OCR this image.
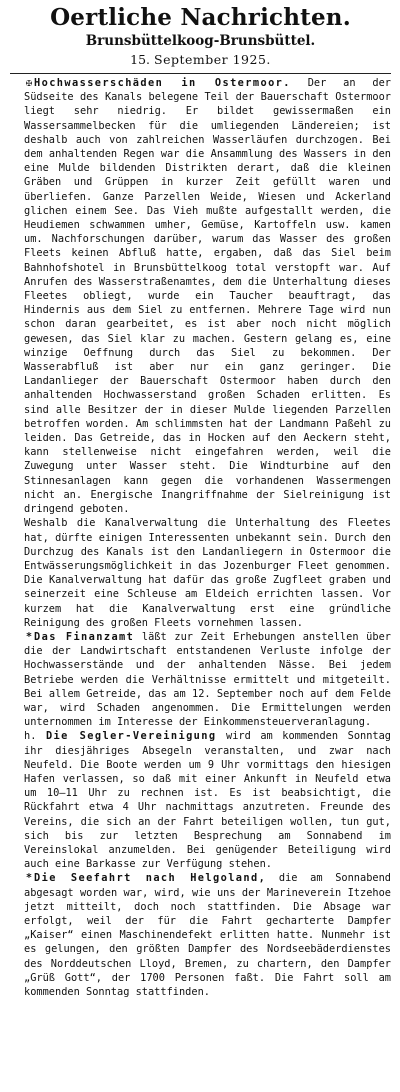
Oertliche Nachrichten.
Brunsbüttelkoog-Brunsbüttel.
15. September 1925.

✠ Hochwasserschäden in Ostermoor. Der an der Südseite des Kanals belegene Teil der Bauerschaft Ostermoor liegt sehr niedrig. Er bildet gewissermaßen ein Wassersammelbecken für die umliegenden Ländereien; ist deshalb auch von zahlreichen Wasserläufen durchzogen. Bei dem anhaltenden Regen war die Ansammlung des Wassers in den eine Mulde bildenden Distrikten derart, daß die kleinen Gräben und Grüppen in kurzer Zeit gefüllt waren und überliefen. Ganze Parzellen Weide, Wiesen und Ackerland glichen einem See. Das Vieh mußte aufgestallt werden, die Heudiemen schwammen umher, Gemüse, Kartoffeln usw. kamen um. Nachforschungen darüber, warum das Wasser des großen Fleets keinen Abfluß hatte, ergaben, daß das Siel beim Bahnhofshotel in Brunsbüttelkoog total verstopft war. Auf Anrufen des Wasserstraßenamtes, dem die Unterhaltung dieses Fleetes obliegt, wurde ein Taucher beauftragt, das Hindernis aus dem Siel zu entfernen. Mehrere Tage wird nun schon daran gearbeitet, es ist aber noch nicht möglich gewesen, das Siel klar zu machen. Gestern gelang es, eine winzige Oeffnung durch das Siel zu bekommen. Der Wasserabfluß ist aber nur ein ganz geringer. Die Landanlieger der Bauerschaft Ostermoor haben durch den anhaltenden Hochwasserstand großen Schaden erlitten. Es sind alle Besitzer der in dieser Mulde liegenden Parzellen betroffen worden. Am schlimmsten hat der Landmann Paßehl zu leiden. Das Getreide, das in Hocken auf den Aeckern steht, kann stellenweise nicht eingefahren werden, weil die Zuwegung unter Wasser steht. Die Windturbine auf den Stinnesanlagen kann gegen die vorhandenen Wassermengen nicht an. Energische Inangriffnahme der Sielreinigung ist dringend geboten.

Weshalb die Kanalverwaltung die Unterhaltung des Fleetes hat, dürfte einigen Interessenten unbekannt sein. Durch den Durchzug des Kanals ist den Landanliegern in Ostermoor die Entwässerungsmöglichkeit in das Jozenburger Fleet genommen. Die Kanalverwaltung hat dafür das große Zugfleet graben und seinerzeit eine Schleuse am Eldeich errichten lassen. Vor kurzem hat die Kanalverwaltung erst eine gründliche Reinigung des großen Fleets vornehmen lassen.

* Das Finanzamt läßt zur Zeit Erhebungen anstellen über die der Landwirtschaft entstandenen Verluste infolge der Hochwasserstände und der anhaltenden Nässe. Bei jedem Betriebe werden die Verhältnisse ermittelt und mitgeteilt. Bei allem Getreide, das am 12. September noch auf dem Felde war, wird Schaden angenommen. Die Ermittelungen werden unternommen im Interesse der Einkommensteuerveranlagung.

h. Die Segler-Vereinigung wird am kommenden Sonntag ihr diesjähriges Absegeln veranstalten, und zwar nach Neufeld. Die Boote werden um 9 Uhr vormittags den hiesigen Hafen verlassen, so daß mit einer Ankunft in Neufeld etwa um 10—11 Uhr zu rechnen ist. Es ist beabsichtigt, die Rückfahrt etwa 4 Uhr nachmittags anzutreten. Freunde des Vereins, die sich an der Fahrt beteiligen wollen, tun gut, sich bis zur letzten Besprechung am Sonnabend im Vereinslokal anzumelden. Bei genügender Beteiligung wird auch eine Barkasse zur Verfügung stehen.

* Die Seefahrt nach Helgoland, die am Sonnabend abgesagt worden war, wird, wie uns der Marineverein Itzehoe jetzt mitteilt, doch noch stattfinden. Die Absage war erfolgt, weil der für die Fahrt gecharterte Dampfer „Kaiser“ einen Maschinendefekt erlitten hatte. Nunmehr ist es gelungen, den größten Dampfer des Nordseebäderdienstes des Norddeutschen Lloyd, Bremen, zu chartern, den Dampfer „Grüß Gott“, der 1700 Personen faßt. Die Fahrt soll am kommenden Sonntag stattfinden.
